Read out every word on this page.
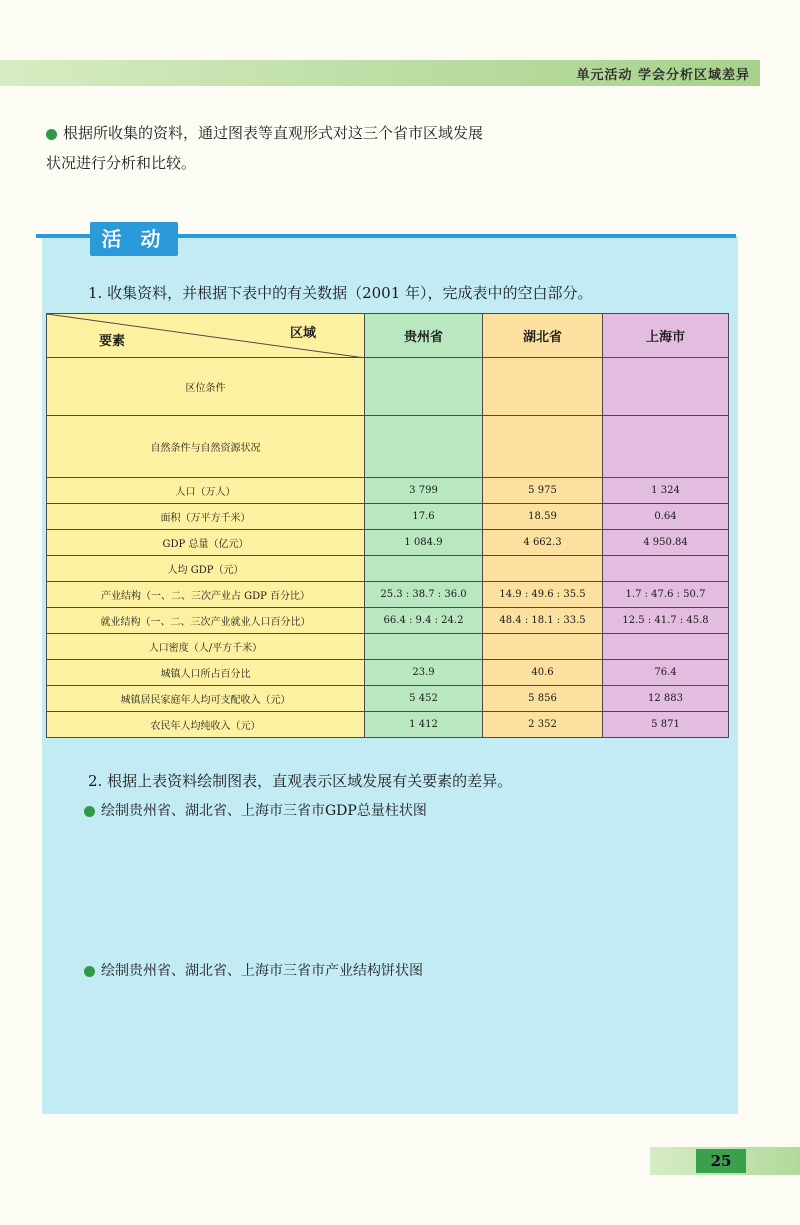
单元活动 学会分析区域差异
根据所收集的资料，通过图表等直观形式对这三个省市区域发展
状况进行分析和比较。
活 动
1. 收集资料，并根据下表中的有关数据（2001 年），完成表中的空白部分。
区域
要素	贵州省	湖北省	上海市
区位条件			
自然条件与自然资源状况			
人口（万人）	3 799	5 975	1 324
面积（万平方千米）	17.6	18.59	0.64
GDP 总量（亿元）	1 084.9	4 662.3	4 950.84
人均 GDP（元）			
产业结构（一、二、三次产业占 GDP 百分比）	25.3 : 38.7 : 36.0	14.9 : 49.6 : 35.5	1.7 : 47.6 : 50.7
就业结构（一、二、三次产业就业人口百分比）	66.4 : 9.4 : 24.2	48.4 : 18.1 : 33.5	12.5 : 41.7 : 45.8
人口密度（人/平方千米）			
城镇人口所占百分比	23.9	40.6	76.4
城镇居民家庭年人均可支配收入（元）	5 452	5 856	12 883
农民年人均纯收入（元）	1 412	2 352	5 871
2. 根据上表资料绘制图表，直观表示区域发展有关要素的差异。
绘制贵州省、湖北省、上海市三省市GDP总量柱状图
绘制贵州省、湖北省、上海市三省市产业结构饼状图
25
